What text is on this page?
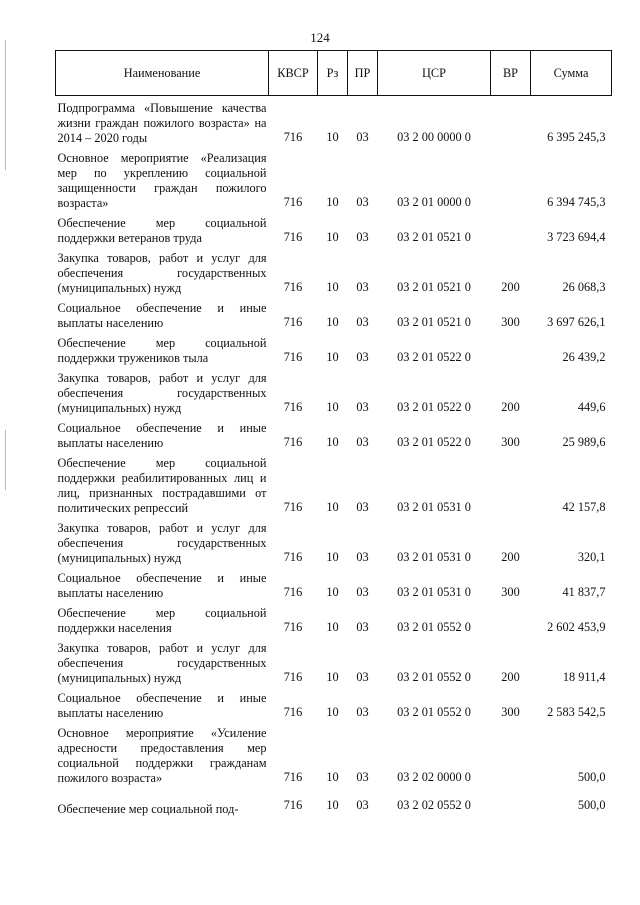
124
Наименование	КВСР	Рз	ПР	ЦСР	ВР	Сумма
Подпрограмма «Повышение качества жизни граждан пожилого возраста» на 2014 – 2020 годы	716	10	03	03 2 00 0000 0		6 395 245,3
Основное мероприятие «Реализация мер по укреплению социальной защищенности граждан пожилого возраста»	716	10	03	03 2 01 0000 0		6 394 745,3
Обеспечение мер социальной поддержки ветеранов труда	716	10	03	03 2 01 0521 0		3 723 694,4
Закупка товаров, работ и услуг для обеспечения государственных (муниципальных) нужд	716	10	03	03 2 01 0521 0	200	26 068,3
Социальное обеспечение и иные выплаты населению	716	10	03	03 2 01 0521 0	300	3 697 626,1
Обеспечение мер социальной поддержки тружеников тыла	716	10	03	03 2 01 0522 0		26 439,2
Закупка товаров, работ и услуг для обеспечения государственных (муниципальных) нужд	716	10	03	03 2 01 0522 0	200	449,6
Социальное обеспечение и иные выплаты населению	716	10	03	03 2 01 0522 0	300	25 989,6
Обеспечение мер социальной поддержки реабилитированных лиц и лиц, признанных пострадавшими от политических репрессий	716	10	03	03 2 01 0531 0		42 157,8
Закупка товаров, работ и услуг для обеспечения государственных (муниципальных) нужд	716	10	03	03 2 01 0531 0	200	320,1
Социальное обеспечение и иные выплаты населению	716	10	03	03 2 01 0531 0	300	41 837,7
Обеспечение мер социальной поддержки населения	716	10	03	03 2 01 0552 0		2 602 453,9
Закупка товаров, работ и услуг для обеспечения государственных (муниципальных) нужд	716	10	03	03 2 01 0552 0	200	18 911,4
Социальное обеспечение и иные выплаты населению	716	10	03	03 2 01 0552 0	300	2 583 542,5
Основное мероприятие «Усиление адресности предоставления мер социальной поддержки гражданам пожилого возраста»	716	10	03	03 2 02 0000 0		500,0
Обеспечение мер социальной под-	716	10	03	03 2 02 0552 0		500,0
